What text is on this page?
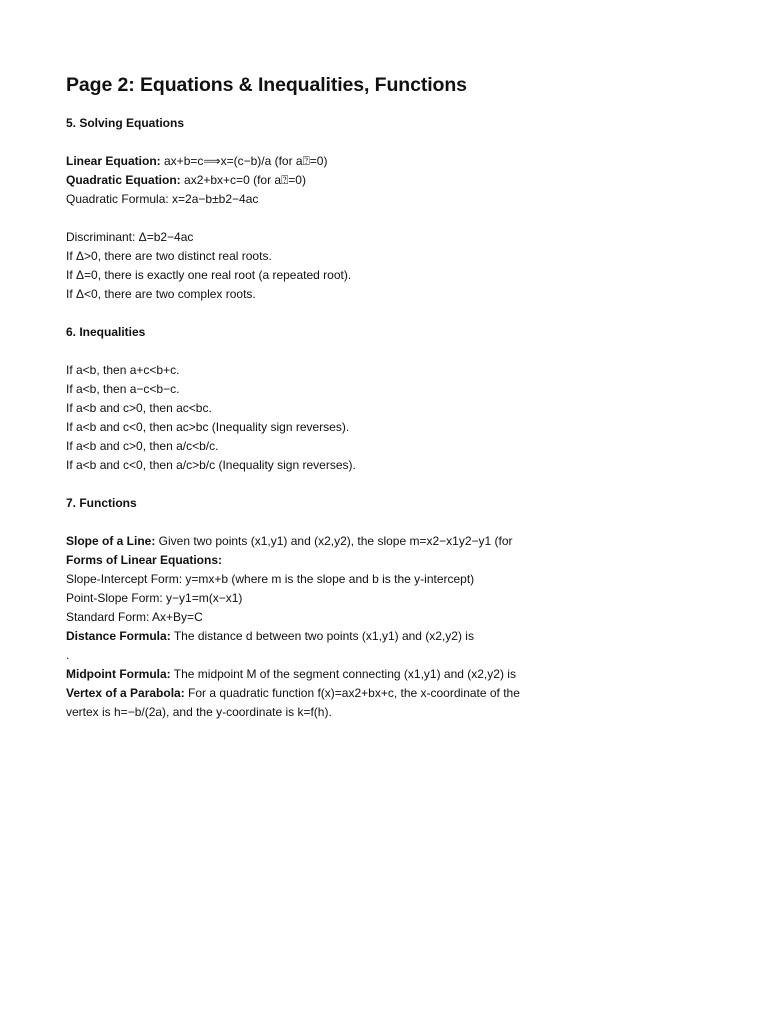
Page 2: Equations & Inequalities, Functions

5. Solving Equations

Linear Equation: ax+b=c⟹x=(c−b)/a (for a⍰=0)

Quadratic Equation: ax2+bx+c=0 (for a⍰=0)

Quadratic Formula: x=2a−b±b2−4ac

Discriminant: Δ=b2−4ac

If Δ>0, there are two distinct real roots.

If Δ=0, there is exactly one real root (a repeated root).

If Δ<0, there are two complex roots.

6. Inequalities

If a<b, then a+c<b+c.

If a<b, then a−c<b−c.

If a<b and c>0, then ac<bc.

If a<b and c<0, then ac>bc (Inequality sign reverses).

If a<b and c>0, then a/c<b/c.

If a<b and c<0, then a/c>b/c (Inequality sign reverses).

7. Functions

Slope of a Line: Given two points (x1,y1) and (x2,y2), the slope m=x2−x1y2−y1 (for

Forms of Linear Equations:

Slope-Intercept Form: y=mx+b (where m is the slope and b is the y-intercept)

Point-Slope Form: y−y1=m(x−x1)

Standard Form: Ax+By=C

Distance Formula: The distance d between two points (x1,y1) and (x2,y2) is

.

Midpoint Formula: The midpoint M of the segment connecting (x1,y1) and (x2,y2) is

Vertex of a Parabola: For a quadratic function f(x)=ax2+bx+c, the x-coordinate of the

vertex is h=−b/(2a), and the y-coordinate is k=f(h).
